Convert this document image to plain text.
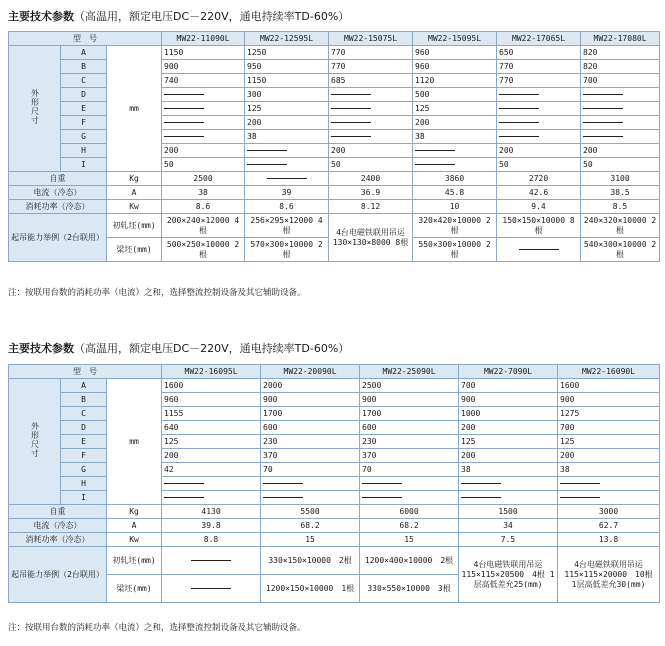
主要技术参数（高温用，额定电压DC－220V，通电持续率TD-60%）
型　号			MW22-11090L	MW22-12595L	MW22-15075L	MW22-15095L	MW22-17065L	MW22-17080L
外形尺寸	A	mm	1150	1250	770	960	650	820
	B		900	950	770	960	770	820
	C		740	1150	685	1120	770	700
	D			300		500		
	E			125		125		
	F			200		200		
	G			38		38		
	H		200		200		200	200
	I		50		50		50	50
自重		Kg	2500		2400	3860	2720	3100
电流（冷态）		A	38	39	36.9	45.8	42.6	38.5
消耗功率（冷态）		Kw	8.6	8.6	8.12	10	9.4	8.5
起吊能力举例（2台联用）		初轧坯(mm)	200×240×12000 4根	256×295×12000 4根	4台电磁铁联用吊运 130×130×8000 8根	320×420×10000 2根	150×150×10000 8根	240×320×10000 2根
		梁坯(mm)	500×250×10000 2根	570×300×10000 2根		550×300×10000 2根		540×300×10000 2根
注：按联用台数的消耗功率（电流）之和，选择整流控制设备及其它辅助设备。
主要技术参数（高温用，额定电压DC－220V，通电持续率TD-60%）
型　号			MW22-16095L	MW22-20090L	MW22-25090L	MW22-7090L	MW22-16090L
外形尺寸	A	mm	1600	2000	2500	700	1600
	B		960	900	900	900	900
	C		1155	1700	1700	1000	1275
	D		640	600	600	200	700
	E		125	230	230	125	125
	F		200	370	370	200	200
	G		42	70	70	38	38
	H						
	I						
自重		Kg	4130	5500	6000	1500	3000
电流（冷态）		A	39.8	68.2	68.2	34	62.7
消耗功率（冷态）		Kw	8.8	15	15	7.5	13.8
起吊能力举例（2台联用）		初轧坯(mm)		330×150×10000　2根	1200×400×10000　2根	4台电磁铁联用吊运 115×115×20500　4根 1层高低差允25(mm)	4台电磁铁联用吊运 115×115×20000　10根 1层高低差允30(mm)
		梁坯(mm)		1200×150×10000　1根	330×550×10000　3根		
注：按联用台数的消耗功率（电流）之和，选择整流控制设备及其它辅助设备。
